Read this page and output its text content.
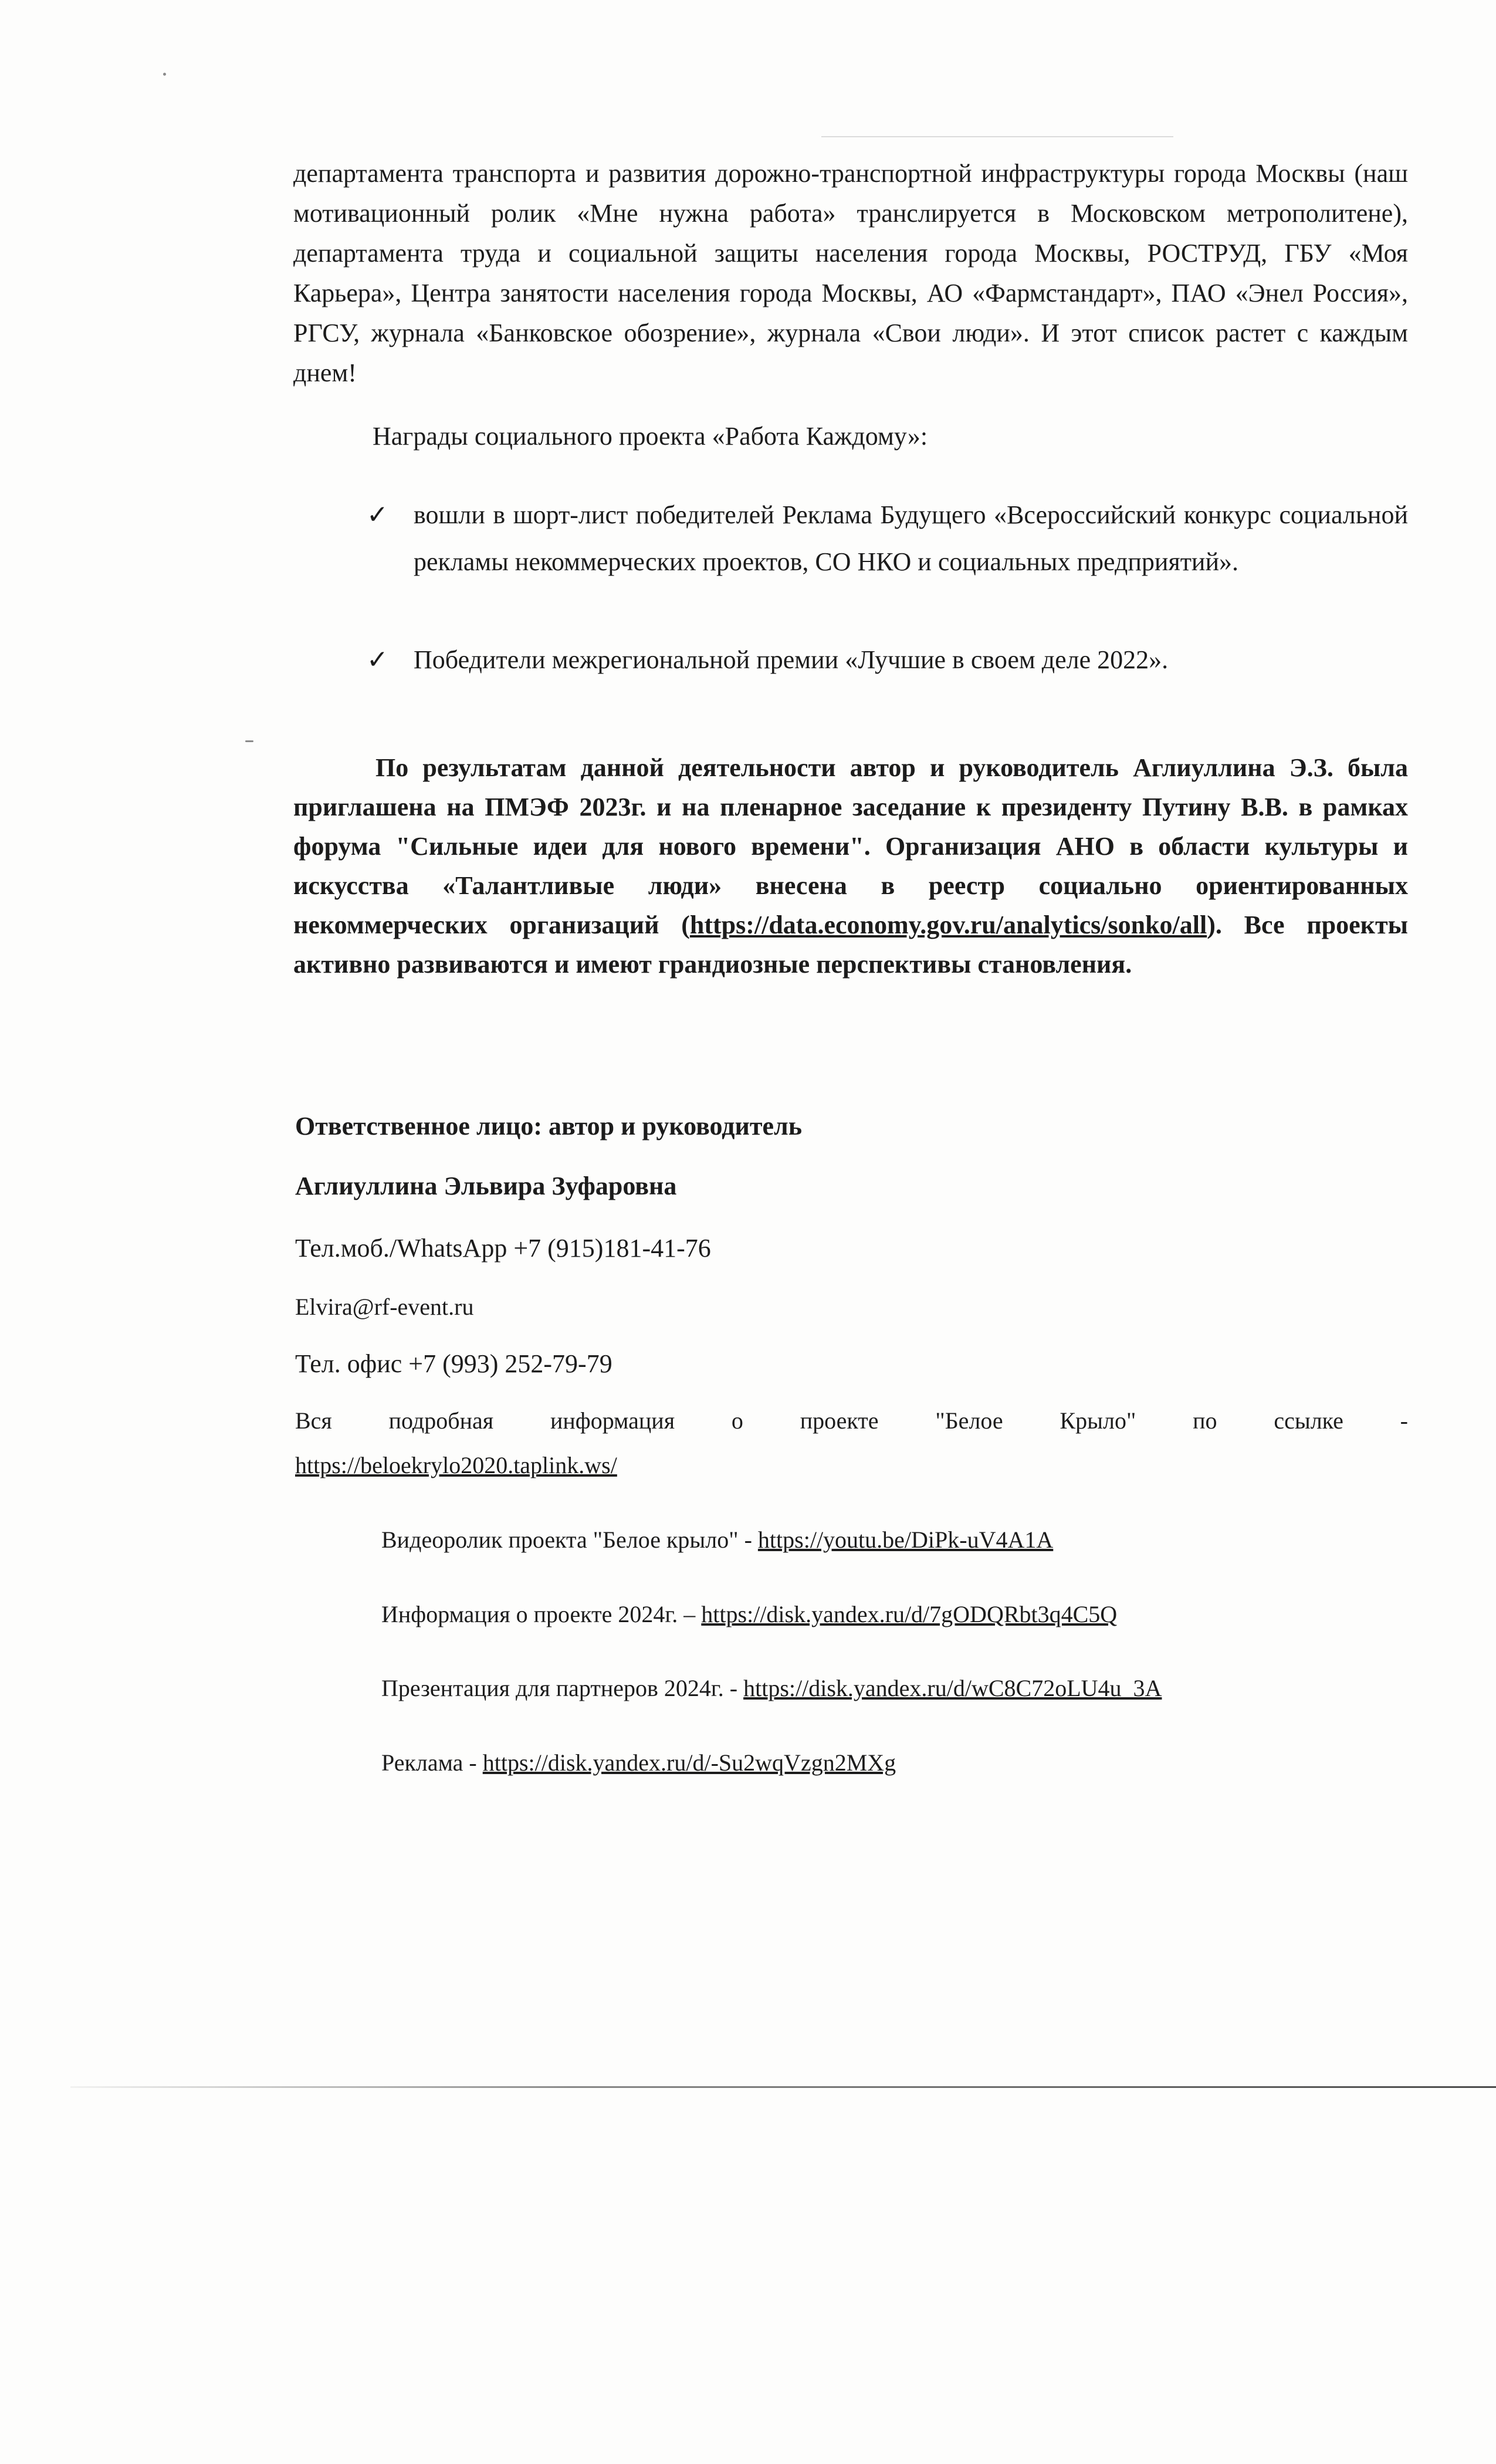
департамента транспорта и развития дорожно-транспортной инфраструктуры города Москвы (наш мотивационный ролик «Мне нужна работа» транслируется в Московском метрополитене), департамента труда и социальной защиты населения города Москвы, РОСТРУД, ГБУ «Моя Карьера», Центра занятости населения города Москвы, АО «Фармстандарт», ПАО «Энел Россия», РГСУ, журнала «Банковское обозрение», журнала «Свои люди». И этот список растет с каждым днем!
Награды социального проекта «Работа Каждому»:
✓ вошли в шорт-лист победителей Реклама Будущего «Всероссийский конкурс социальной рекламы некоммерческих проектов, СО НКО и социальных предприятий».
✓ Победители межрегиональной премии «Лучшие в своем деле 2022».
По результатам данной деятельности автор и руководитель Аглиуллина Э.З. была приглашена на ПМЭФ 2023г. и на пленарное заседание к президенту Путину В.В. в рамках форума "Сильные идеи для нового времени". Организация АНО в области культуры и искусства «Талантливые люди» внесена в реестр социально ориентированных некоммерческих организаций (https://data.economy.gov.ru/analytics/sonko/all). Все проекты активно развиваются и имеют грандиозные перспективы становления.
Ответственное лицо: автор и руководитель
Аглиуллина Эльвира Зуфаровна
Тел.моб./WhatsApp +7 (915)181-41-76
Elvira@rf-event.ru
Тел. офис +7 (993) 252-79-79
Вся подробная информация о проекте "Белое Крыло" по ссылке -
https://beloekrylo2020.taplink.ws/
Видеоролик проекта "Белое крыло" - https://youtu.be/DiPk-uV4A1A
Информация о проекте 2024г. – https://disk.yandex.ru/d/7gODQRbt3q4C5Q
Презентация для партнеров 2024г. - https://disk.yandex.ru/d/wC8C72oLU4u_3A
Реклама - https://disk.yandex.ru/d/-Su2wqVzgn2MXg
